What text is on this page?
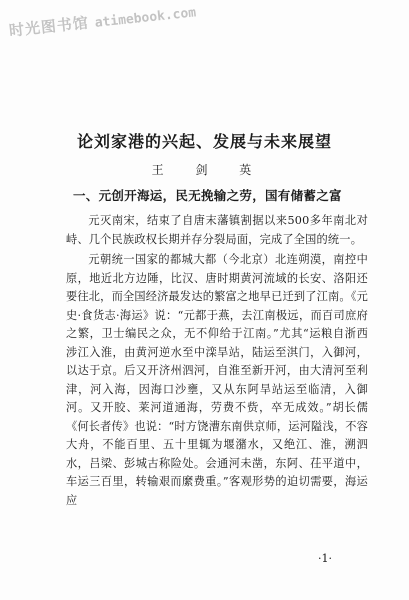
时光图书馆 atimebook.com
论刘家港的兴起、发展与未来展望
王 剑 英
一、元创开海运，民无挽输之劳，国有储蓄之富

元灭南宋，结束了自唐末藩镇割据以来500多年南北对峙、几个民族政权长期并存分裂局面，完成了全国的统一。

元朝统一国家的都城大都（今北京）北连朔漠，南控中原，地近北方边陲，比汉、唐时期黄河流域的长安、洛阳还要往北，而全国经济最发达的繁富之地早已迁到了江南。《元史·食货志·海运》说：“元都于燕，去江南极远，而百司庶府之繁，卫士编民之众，无不仰给于江南。”尤其“运粮自浙西涉江入淮，由黄河逆水至中滦旱站，陆运至淇门，入御河，以达于京。后又开济州泗河，自淮至新开河，由大清河至利津，河入海，因海口沙壅，又从东阿旱站运至临清，入御河。又开胶、莱河道通海，劳费不赀，卒无成效。”胡长儒《何长者传》也说：“时方饶漕东南供京师，运河隘浅，不容大舟，不能百里、五十里辄为堰潴水，又绝江、淮，溯泗水，吕梁、彭城古称险处。会通河未凿，东阿、茌平道中，车运三百里，转输艰而縻费重。”客观形势的迫切需要，海运应

·1·
